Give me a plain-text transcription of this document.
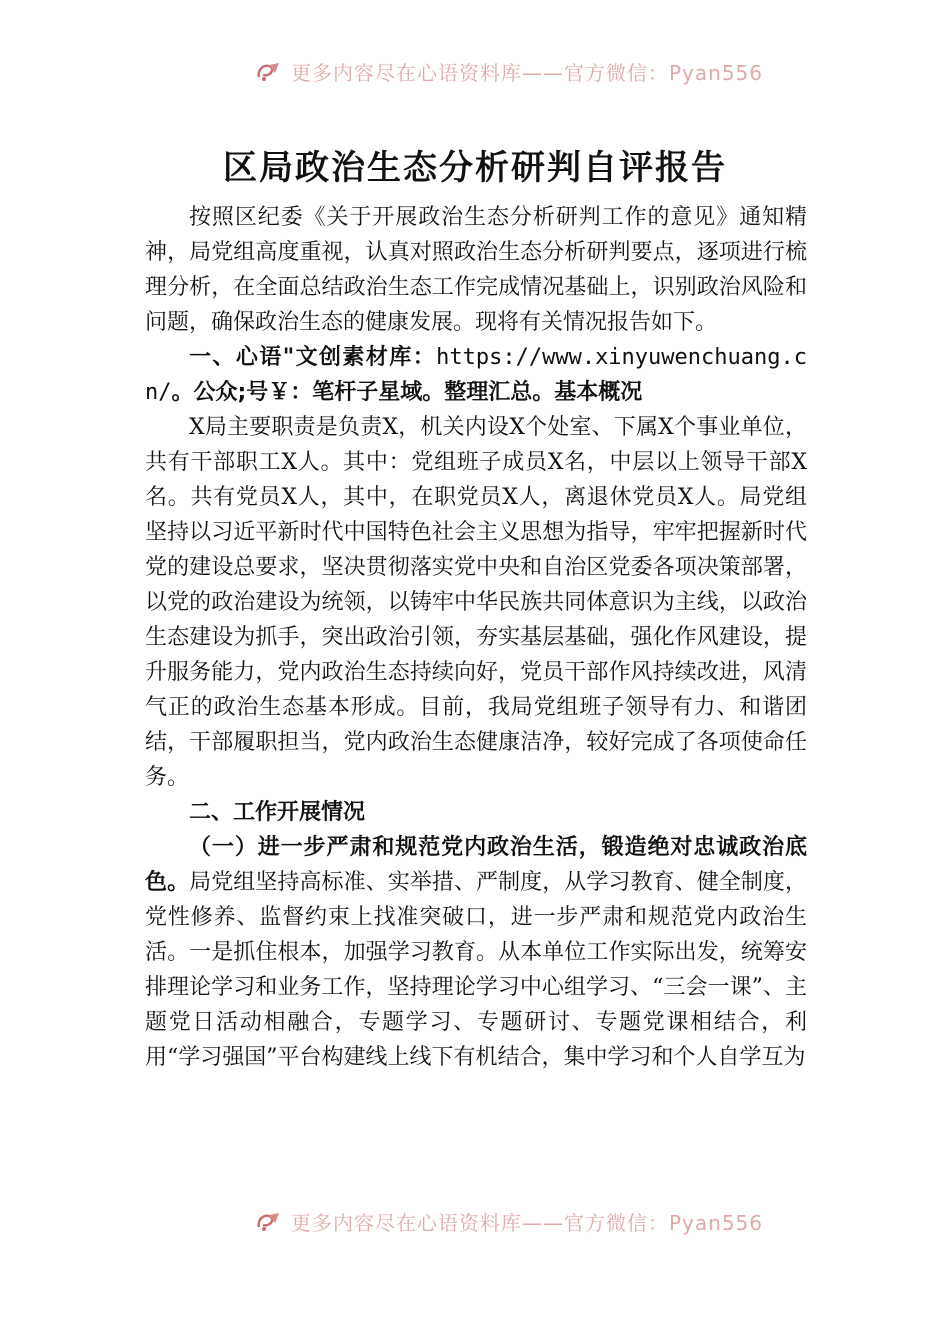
更多内容尽在心语资料库——官方微信：Pyan556
区局政治生态分析研判自评报告

按照区纪委《关于开展政治生态分析研判工作的意见》通知精神，局党组高度重视，认真对照政治生态分析研判要点，逐项进行梳理分析，在全面总结政治生态工作完成情况基础上，识别政治风险和问题，确保政治生态的健康发展。现将有关情况报告如下。

一、心语"文创素材库：https://www.xinyuwenchuang.cn/。公众;号￥：笔杆子星域。整理汇总。基本概况

X局主要职责是负责X，机关内设X个处室、下属X个事业单位，共有干部职工X人。其中：党组班子成员X名，中层以上领导干部X名。共有党员X人，其中，在职党员X人，离退休党员X人。局党组坚持以习近平新时代中国特色社会主义思想为指导，牢牢把握新时代党的建设总要求，坚决贯彻落实党中央和自治区党委各项决策部署，以党的政治建设为统领，以铸牢中华民族共同体意识为主线，以政治生态建设为抓手，突出政治引领，夯实基层基础，强化作风建设，提升服务能力，党内政治生态持续向好，党员干部作风持续改进，风清气正的政治生态基本形成。目前，我局党组班子领导有力、和谐团结，干部履职担当，党内政治生态健康洁净，较好完成了各项使命任务。

二、工作开展情况

（一）进一步严肃和规范党内政治生活，锻造绝对忠诚政治底色。局党组坚持高标准、实举措、严制度，从学习教育、健全制度，党性修养、监督约束上找准突破口，进一步严肃和规范党内政治生活。一是抓住根本，加强学习教育。从本单位工作实际出发，统筹安排理论学习和业务工作，坚持理论学习中心组学习、“三会一课”、主题党日活动相融合，专题学习、专题研讨、专题党课相结合，利用“学习强国”平台构建线上线下有机结合，集中学习和个人自学互为

更多内容尽在心语资料库——官方微信：Pyan556
